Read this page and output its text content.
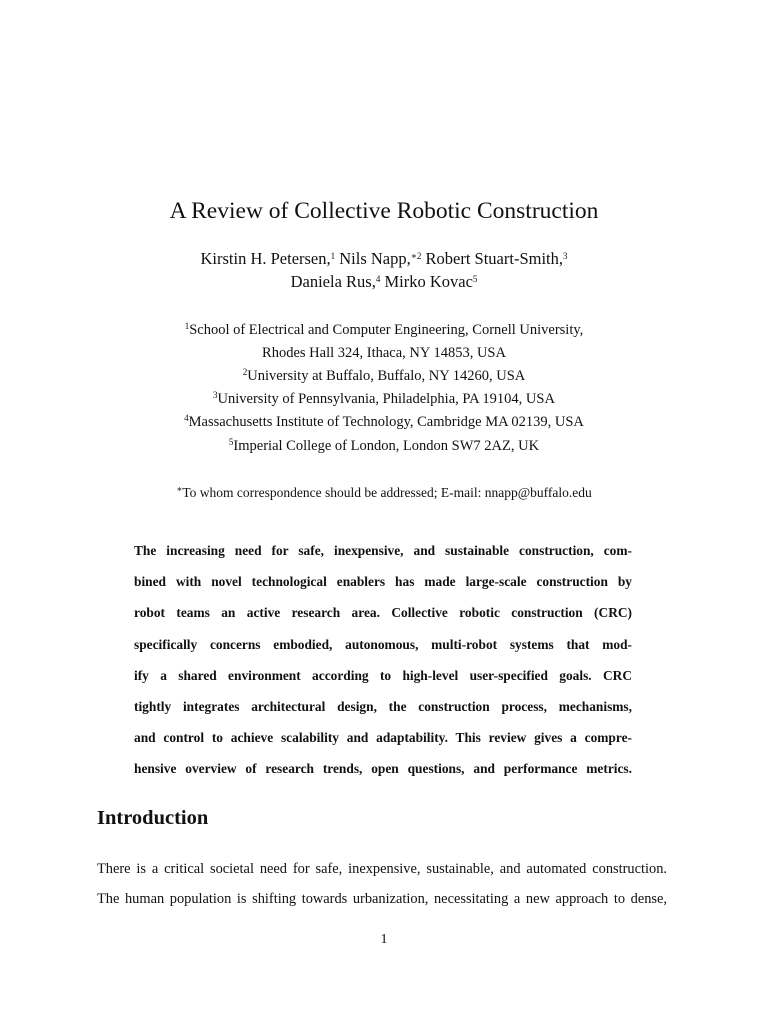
A Review of Collective Robotic Construction
Kirstin H. Petersen,$^1$ Nils Napp,$^{∗2}$ Robert Stuart-Smith,$^3$
Daniela Rus,$^4$ Mirko Kovac$^5$
$^1$School of Electrical and Computer Engineering, Cornell University,
Rhodes Hall 324, Ithaca, NY 14853, USA
$^2$University at Buffalo, Buffalo, NY 14260, USA
$^3$University of Pennsylvania, Philadelphia, PA 19104, USA
$^4$Massachusetts Institute of Technology, Cambridge MA 02139, USA
$^5$Imperial College of London, London SW7 2AZ, UK
∗To whom correspondence should be addressed; E-mail: nnapp@buffalo.edu
The increasing need for safe, inexpensive, and sustainable construction, com-
bined with novel technological enablers has made large-scale construction by
robot teams an active research area. Collective robotic construction (CRC)
specifically concerns embodied, autonomous, multi-robot systems that mod-
ify a shared environment according to high-level user-specified goals. CRC
tightly integrates architectural design, the construction process, mechanisms,
and control to achieve scalability and adaptability. This review gives a compre-
hensive overview of research trends, open questions, and performance metrics.
Introduction
There is a critical societal need for safe, inexpensive, sustainable, and automated construction.
The human population is shifting towards urbanization, necessitating a new approach to dense,
1
